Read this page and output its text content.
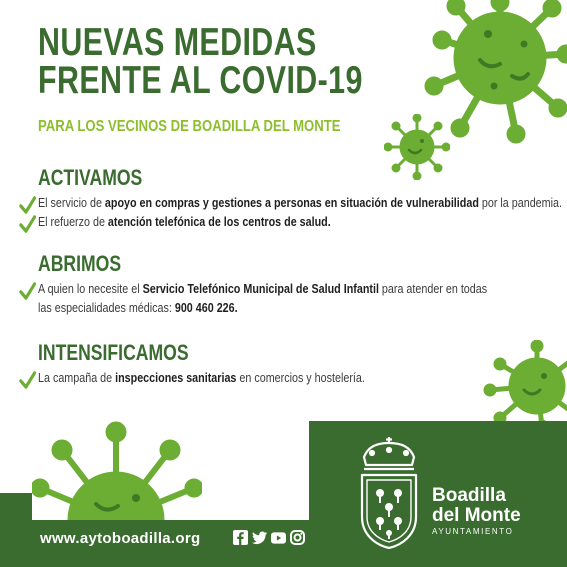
NUEVAS MEDIDAS
FRENTE AL COVID-19
PARA LOS VECINOS DE BOADILLA DEL MONTE
ACTIVAMOS
El servicio de apoyo en compras y gestiones a personas en situación de vulnerabilidad por la pandemia.
El refuerzo de atención telefónica de los centros de salud.
ABRIMOS
A quien lo necesite el Servicio Telefónico Municipal de Salud Infantil para atender en todas
las especialidades médicas: 900 460 226.
INTENSIFICAMOS
La campaña de inspecciones sanitarias en comercios y hostelería.
www.aytoboadilla.org
Boadilla
del Monte
AYUNTAMIENTO
